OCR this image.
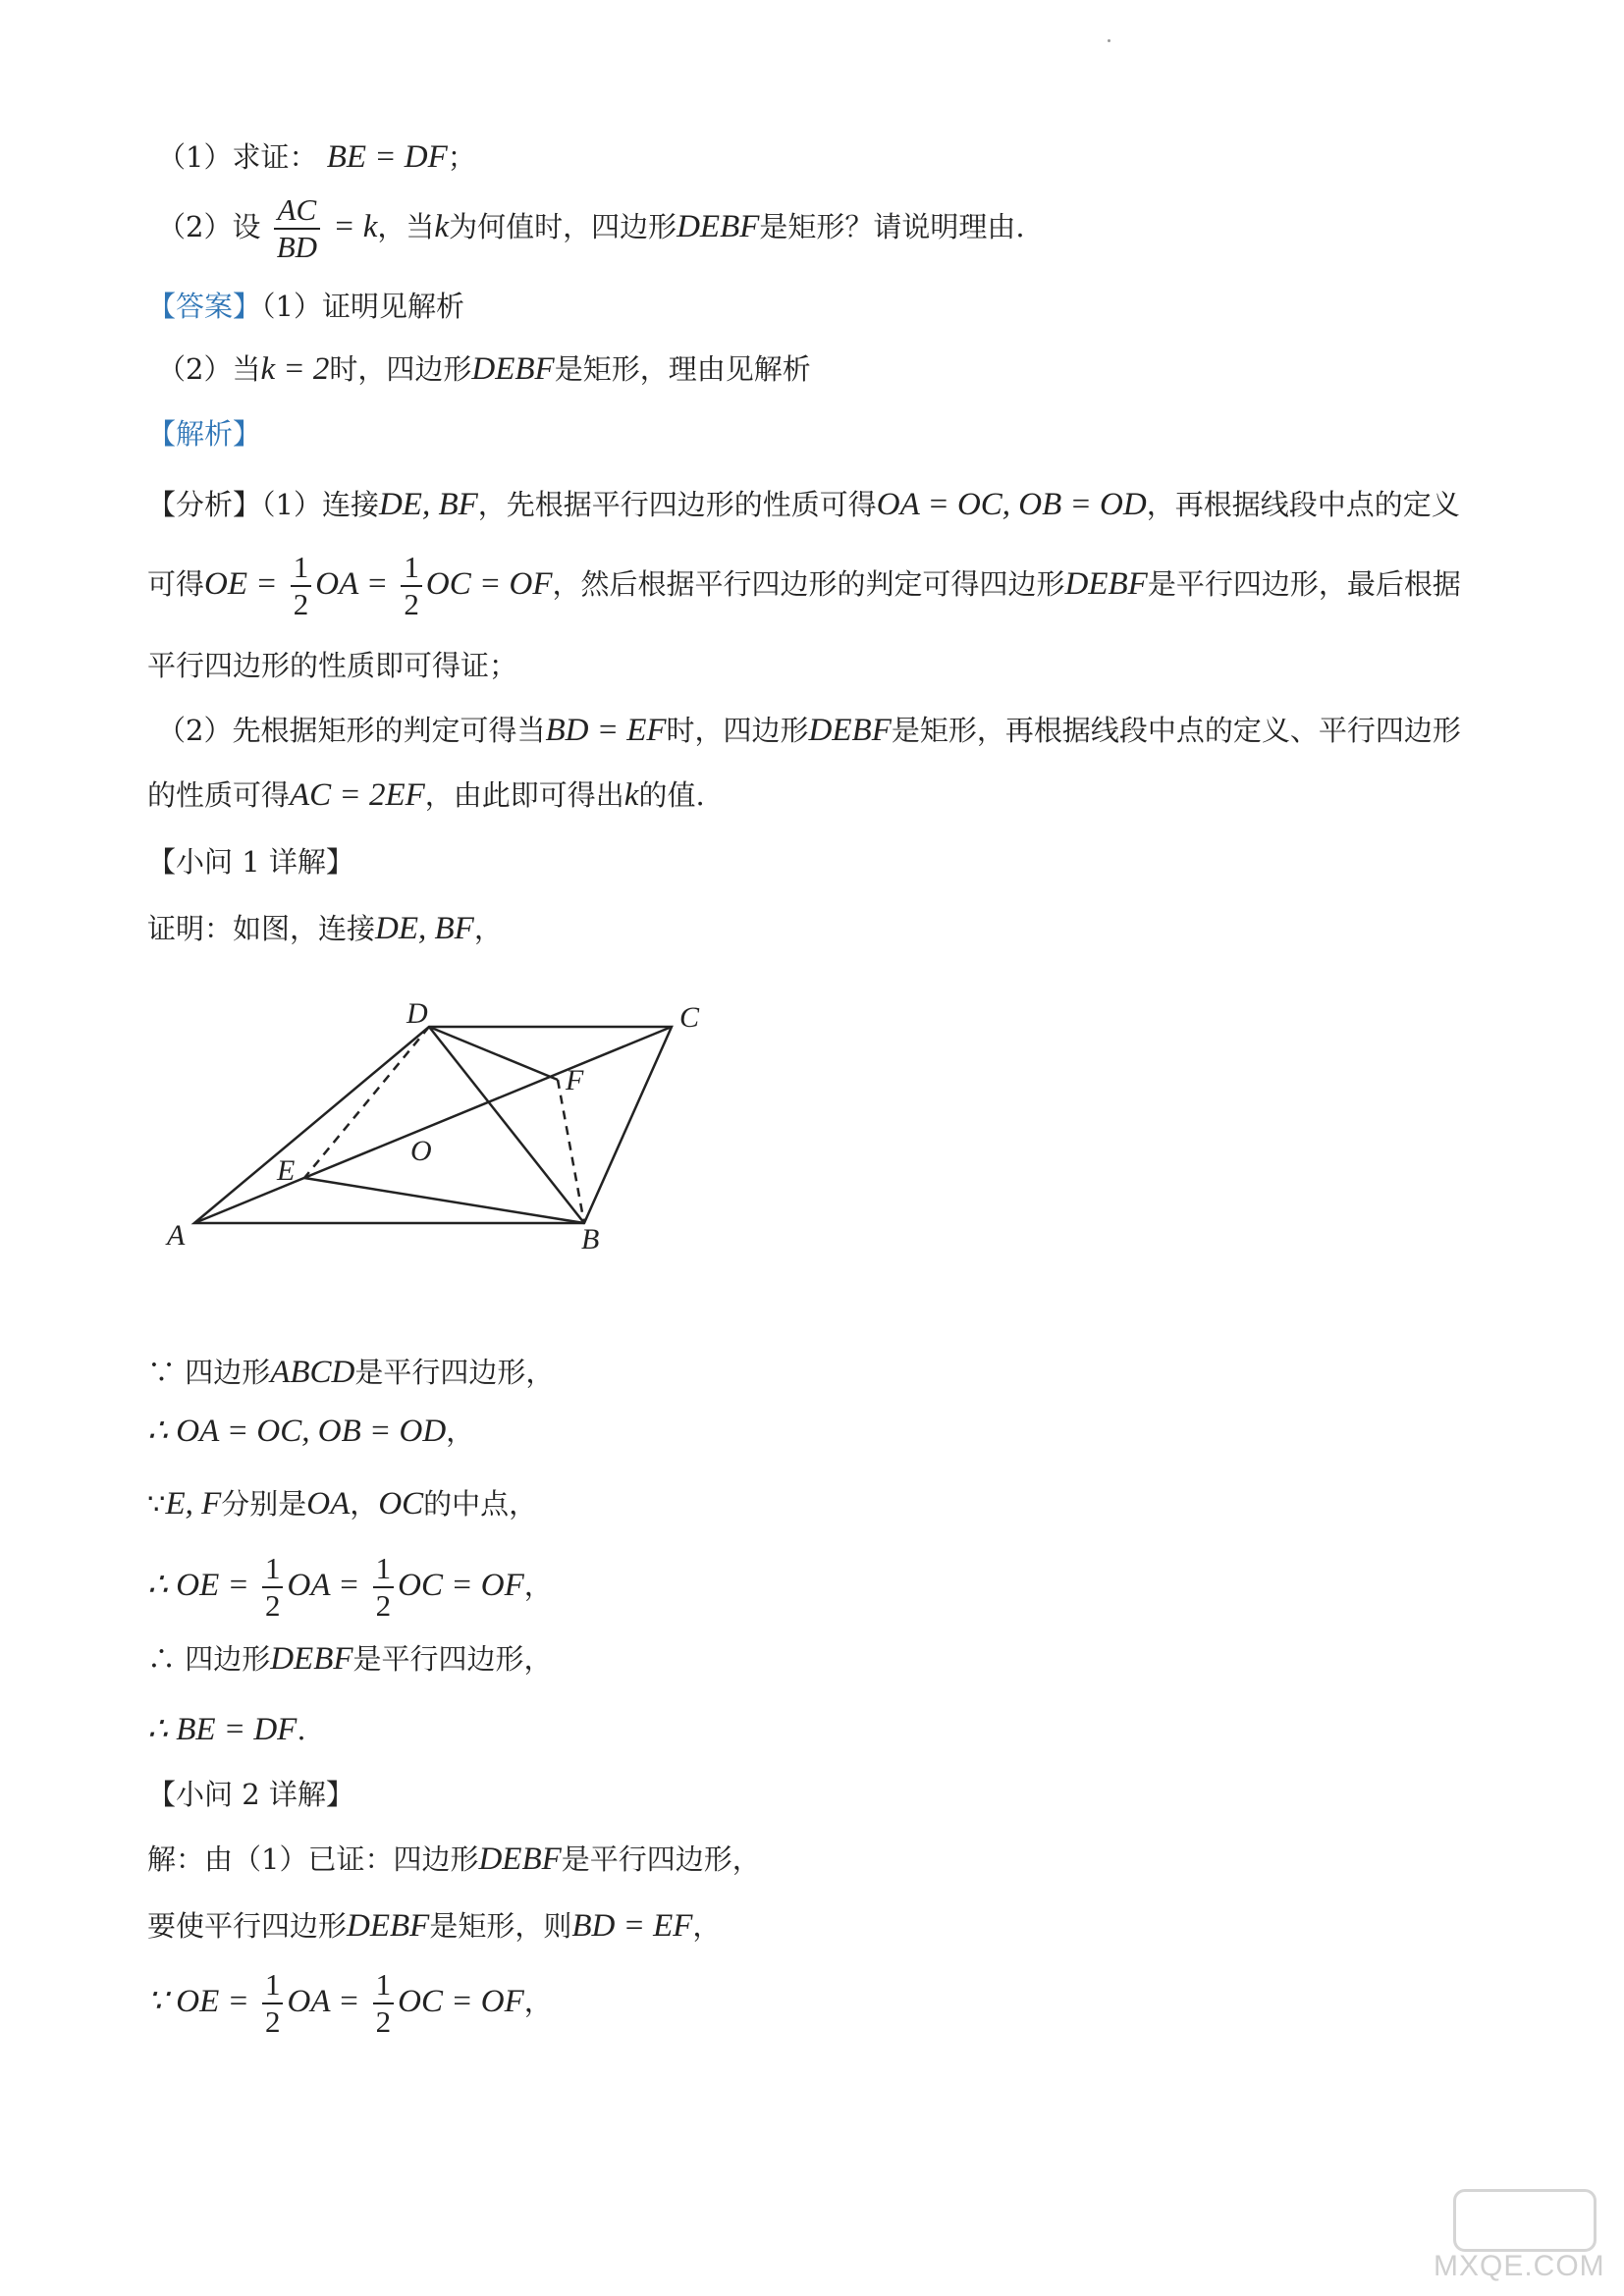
（1）求证： BE = DF；
（2）设 $\frac{AC}{BD} = k$，当k为何值时，四边形DEBF是矩形？请说明理由.
【答案】（1）证明见解析
（2）当k = 2时，四边形DEBF是矩形，理由见解析
【解析】
【分析】（1）连接DE, BF，先根据平行四边形的性质可得OA = OC, OB = OD，再根据线段中点的定义
可得OE = $\frac{1}{2}$ OA = $\frac{1}{2}$ OC = OF，然后根据平行四边形的判定可得四边形DEBF是平行四边形，最后根据
平行四边形的性质即可得证；
（2）先根据矩形的判定可得当BD = EF时，四边形DEBF是矩形，再根据线段中点的定义、平行四边形
的性质可得AC = 2EF，由此即可得出k的值.
【小问 1 详解】
证明：如图，连接DE, BF，
A	B
C
D
E
F
O
∵ 四边形ABCD是平行四边形，
∴ OA = OC, OB = OD，
∵E, F分别是OA，OC的中点，
∴ OE = $\frac{1}{2}$ OA = $\frac{1}{2}$ OC = OF，
∴ 四边形DEBF是平行四边形，
∴ BE = DF.
【小问 2 详解】
解：由（1）已证：四边形DEBF是平行四边形，
要使平行四边形DEBF是矩形，则BD = EF，
∵ OE = $\frac{1}{2}$ OA = $\frac{1}{2}$ OC = OF，
MXQE.COM
